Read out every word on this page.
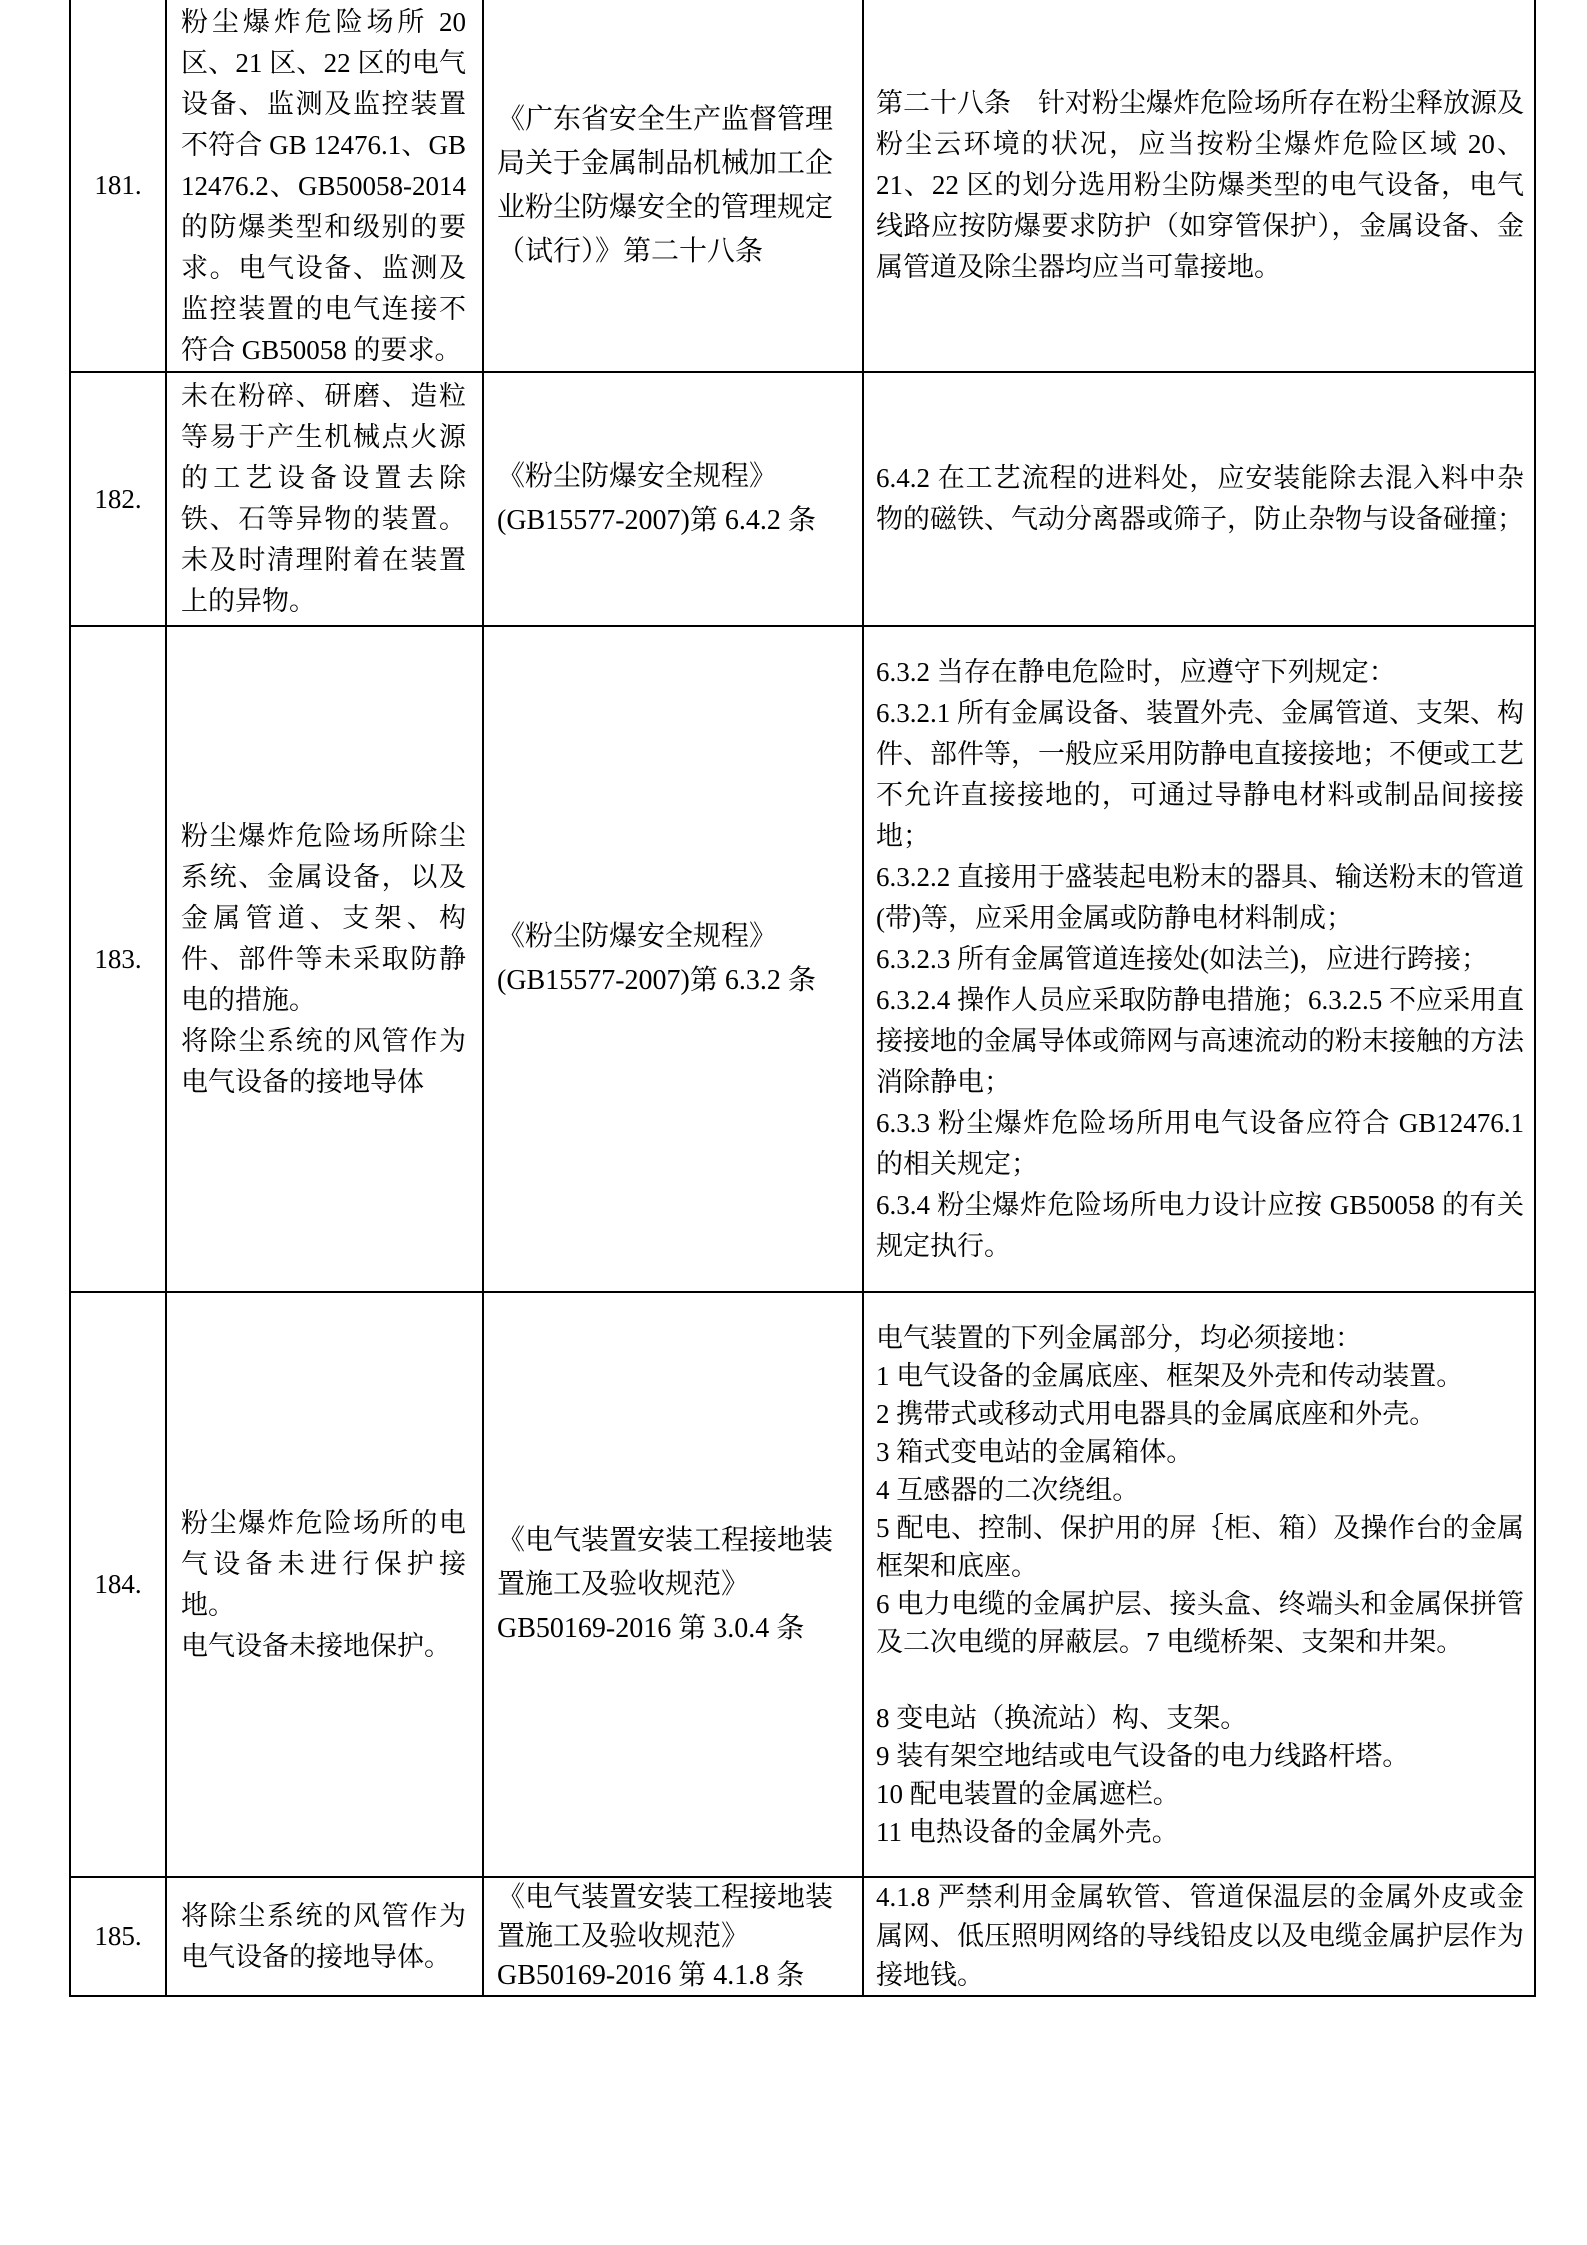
181.

粉尘爆炸危险场所 20 区、21 区、22 区的电气设备、监测及监控装置不符合 GB 12476.1、GB 12476.2、GB50058-2014 的防爆类型和级别的要求。电气设备、监测及监控装置的电气连接不符合 GB50058 的要求。

《广东省安全生产监督管理局关于金属制品机械加工企业粉尘防爆安全的管理规定（试行）》第二十八条

第二十八条　针对粉尘爆炸危险场所存在粉尘释放源及粉尘云环境的状况，应当按粉尘爆炸危险区域 20、21、22 区的划分选用粉尘防爆类型的电气设备，电气线路应按防爆要求防护（如穿管保护），金属设备、金属管道及除尘器均应当可靠接地。

182.

未在粉碎、研磨、造粒等易于产生机械点火源的工艺设备设置去除铁、石等异物的装置。未及时清理附着在装置上的异物。

《粉尘防爆安全规程》(GB15577-2007)第 6.4.2 条

6.4.2 在工艺流程的进料处，应安装能除去混入料中杂物的磁铁、气动分离器或筛子，防止杂物与设备碰撞；

183.

粉尘爆炸危险场所除尘系统、金属设备，以及金属管道、支架、构件、部件等未采取防静电的措施。

将除尘系统的风管作为电气设备的接地导体

《粉尘防爆安全规程》(GB15577-2007)第 6.3.2 条

6.3.2 当存在静电危险时，应遵守下列规定：

6.3.2.1 所有金属设备、装置外壳、金属管道、支架、构件、部件等，一般应采用防静电直接接地；不便或工艺不允许直接接地的，可通过导静电材料或制品间接接地；

6.3.2.2 直接用于盛装起电粉末的器具、输送粉末的管道(带)等，应采用金属或防静电材料制成；

6.3.2.3 所有金属管道连接处(如法兰)，应进行跨接；

6.3.2.4 操作人员应采取防静电措施；6.3.2.5 不应采用直接接地的金属导体或筛网与高速流动的粉末接触的方法消除静电；

6.3.3 粉尘爆炸危险场所用电气设备应符合 GB12476.1 的相关规定；

6.3.4 粉尘爆炸危险场所电力设计应按 GB50058 的有关规定执行。

184.

粉尘爆炸危险场所的电气设备未进行保护接地。

电气设备未接地保护。

《电气装置安装工程接地装置施工及验收规范》GB50169-2016 第 3.0.4 条

电气装置的下列金属部分，均必须接地：

1 电气设备的金属底座、框架及外壳和传动装置。

2 携带式或移动式用电器具的金属底座和外壳。

3 箱式变电站的金属箱体。

4 互感器的二次绕组。

5 配电、控制、保护用的屏｛柜、箱）及操作台的金属框架和底座。

6 电力电缆的金属护层、接头盒、终端头和金属保拼管及二次电缆的屏蔽层。7 电缆桥架、支架和井架。

8 变电站（换流站）构、支架。

9 装有架空地结或电气设备的电力线路杆塔。

10 配电装置的金属遮栏。

11 电热设备的金属外壳。

185.

将除尘系统的风管作为电气设备的接地导体。

《电气装置安装工程接地装置施工及验收规范》GB50169-2016 第 4.1.8 条

4.1.8 严禁利用金属软管、管道保温层的金属外皮或金属网、低压照明网络的导线铅皮以及电缆金属护层作为接地钱。
